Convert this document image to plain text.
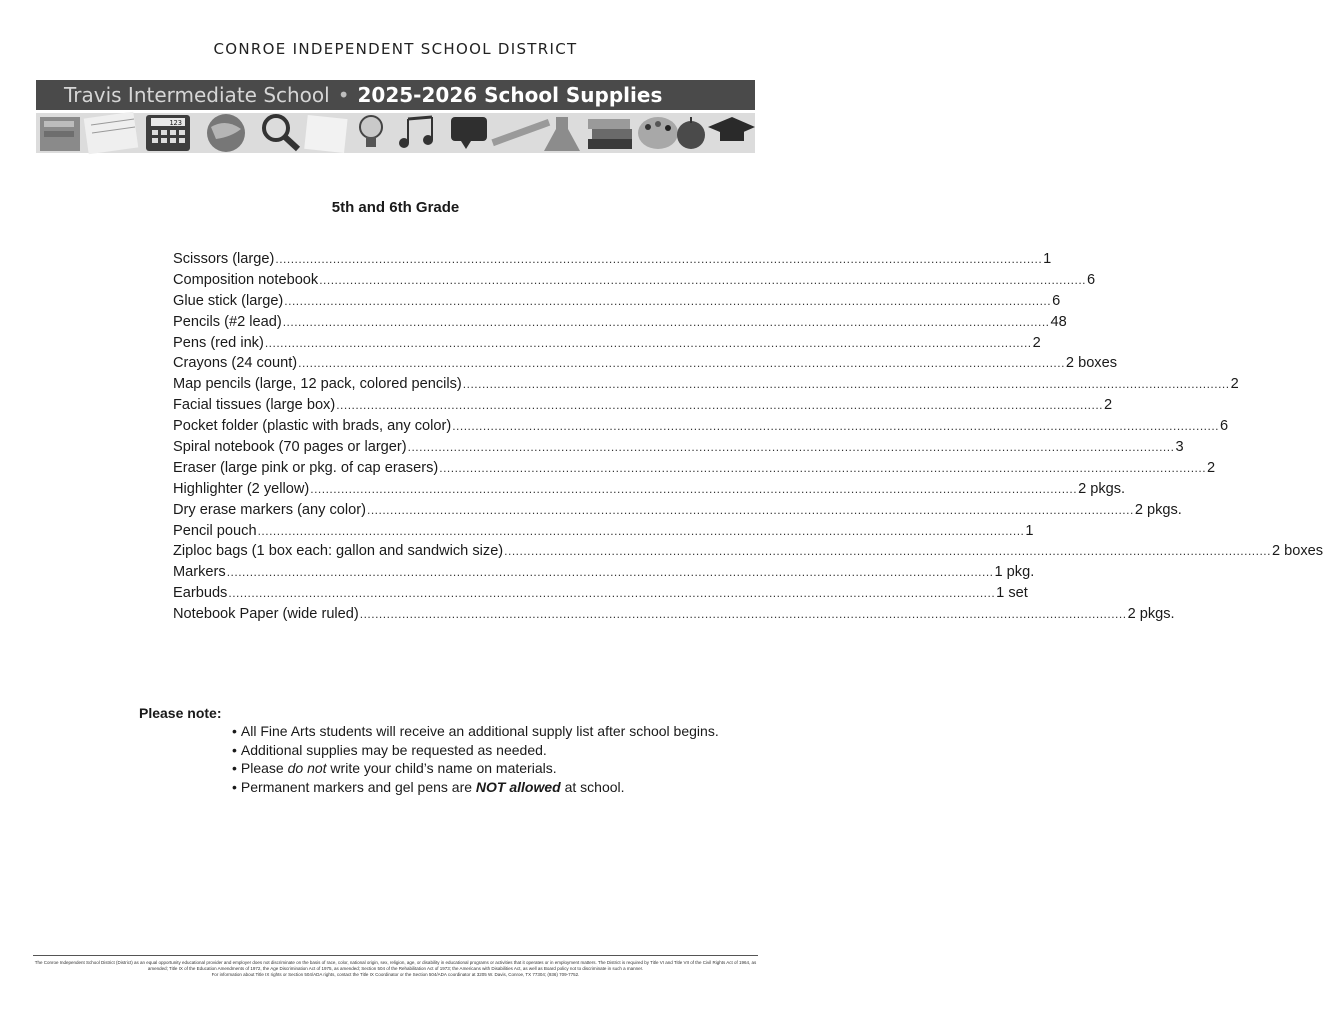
CONROE INDEPENDENT SCHOOL DISTRICT
Travis Intermediate School • 2025-2026 School Supplies
123
5th and 6th Grade
Scissors (large) ........................................................................................................................................................................................................ 1
Composition notebook ........................................................................................................................................................................................................ 6
Glue stick (large) ........................................................................................................................................................................................................ 6
Pencils (#2 lead) ........................................................................................................................................................................................................ 48
Pens (red ink) ........................................................................................................................................................................................................ 2
Crayons (24 count) ........................................................................................................................................................................................................ 2 boxes
Map pencils (large, 12 pack, colored pencils) ........................................................................................................................................................................................................ 2
Facial tissues (large box) ........................................................................................................................................................................................................ 2
Pocket folder (plastic with brads, any color) ........................................................................................................................................................................................................ 6
Spiral notebook (70 pages or larger) ........................................................................................................................................................................................................ 3
Eraser (large pink or pkg. of cap erasers) ........................................................................................................................................................................................................ 2
Highlighter (2 yellow) ........................................................................................................................................................................................................ 2 pkgs.
Dry erase markers (any color) ........................................................................................................................................................................................................ 2 pkgs.
Pencil pouch ........................................................................................................................................................................................................ 1
Ziploc bags (1 box each: gallon and sandwich size) ........................................................................................................................................................................................................ 2 boxes
Markers ........................................................................................................................................................................................................ 1 pkg.
Earbuds ........................................................................................................................................................................................................ 1 set
Notebook Paper (wide ruled) ........................................................................................................................................................................................................ 2 pkgs.
Please note:
• All Fine Arts students will receive an additional supply list after school begins.
• Additional supplies may be requested as needed.
• Please do not write your child’s name on materials.
• Permanent markers and gel pens are NOT allowed at school.
The Conroe Independent School District (District) as an equal opportunity educational provider and employer does not discriminate on the basis of race, color, national origin, sex, religion, age, or disability in educational programs or activities that it operates or in employment matters. The District is required by Title VI and Title VII of the Civil Rights Act of 1964, as amended; Title IX of the Education Amendments of 1972, the Age Discrimination Act of 1975, as amended; Section 504 of the Rehabilitation Act of 1973; the Americans with Disabilities Act, as well as Board policy not to discriminate in such a manner.
For information about Title IX rights or Section 504/ADA rights, contact the Title IX Coordinator or the Section 504/ADA coordinator at 3205 W. Davis, Conroe, TX 77304; (936) 709-7752.
